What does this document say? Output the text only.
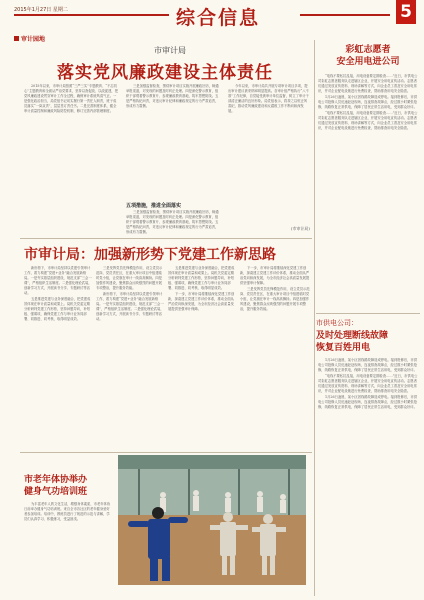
2015年1月27日 星期二	综合信息	5
审计园地
市审计局
落实党风廉政建设主体责任

2015年以来，市审计局按照“三严三实”专题教育、“不忘初心”主题教育和全面从严治党要求，坚持以查促改、以改促建，把党风廉政建设贯穿审计工作全过程，确保审计系统风清气正。一是强化政治担当，局党组书记切实履行第一责任人职责，班子成员落实“一岗双责”，层层签订责任书。二是完善制度体系，健全审计质量控制和廉政风险防控机制，修订完善内部管理制度。

三是加强监督检查，围绕审计项目实施开展廉政回访，畅通举报渠道，对发现的问题及时纠正处理。四是深化警示教育，组织干部观看警示教育片、参观廉政教育基地，筑牢思想防线。五是严格执纪问责，对违反审计纪律和廉政规定的行为严肃追责，形成有力震慑。

五项措施，推进全面落实

三是加强监督检查，围绕审计项目实施开展廉政回访，畅通举报渠道，对发现的问题及时纠正处理。四是深化警示教育，组织干部观看警示教育片、参观廉政教育基地，筑牢思想防线。五是严格执纪问责，对违反审计纪律和廉政规定的行为严肃追责，形成有力震慑。

今年以来，市审计局共开展专项审计项目多项，提出审计建议被采纳率明显提高。各审计组严格执行“八不准”工作纪律，自觉接受被审计单位监督，树立了审计干部清正廉洁的良好形象。局党组表示，将持之以恒正风肃纪，推动党风廉政建设和反腐败工作不断向纵深发展。

(市审计局)
市审计局：加强新形势下党建工作新思路

新形势下，市审计局坚持以党建引领审计工作，着力构建“党建+业务”融合发展新格局。一是夯实基层组织建设，规范支部“三会一课”，严格组织生活制度。二是强化理论武装，创新学习方式，开展读书分享、专题研讨等活动。

五是推进党建与业务深度融合，把党建成效体现在审计质量和成果上。局机关党委定期分析研判党建工作形势，坚持问题导向，补短板、强弱项，确保党建工作与审计业务同部署、同推进、同考核，取得明显成效。

三是发挥党员先锋模范作用，设立党员示范岗、党员责任区，在重大审计项目中组建临时党小组，让党旗在审计一线高高飘扬。四是加强作风建设，聚焦群众反映强烈的问题开展专项整治，提升服务效能。

新形势下，市审计局坚持以党建引领审计工作，着力构建“党建+业务”融合发展新格局。一是夯实基层组织建设，规范支部“三会一课”，严格组织生活制度。二是强化理论武装，创新学习方式，开展读书分享、专题研讨等活动。

五是推进党建与业务深度融合，把党建成效体现在审计质量和成果上。局机关党委定期分析研判党建工作形势，坚持问题导向，补短板、强弱项，确保党建工作与审计业务同部署、同推进、同考核，取得明显成效。

下一步，市审计局将继续深化党建工作创新，探索建立党建工作评价体系，推动全面从严治党向纵深发展，为全市经济社会高质量发展提供坚强审计保障。

下一步，市审计局将继续深化党建工作创新，探索建立党建工作评价体系，推动全面从严治党向纵深发展，为全市经济社会高质量发展提供坚强审计保障。

三是发挥党员先锋模范作用，设立党员示范岗、党员责任区，在重大审计项目中组建临时党小组，让党旗在审计一线高高飘扬。四是加强作风建设，聚焦群众反映强烈的问题开展专项整治，提升服务效能。

市老年体协举办
健身气功培训班

为丰富老年人的文化生活，增强身体素质，市老年体协日前举办健身气功培训班。来自全市各社区的老年健身爱好者参加培训。培训中，教练员进行了规范的示范与讲解，学员们认真学习、积极练习，受益匪浅。

彩虹志愿者
安全用电进公司

“电线不要私拉乱接，用电设备要定期检查……”近日，市供电公司彩虹志愿者服务队走进辖区企业，开展安全用电宣传活动。志愿者们通过发放宣传资料、现场讲解等方式，向企业员工普及安全用电常识，并对企业配电设施进行免费检查，帮助排查用电安全隐患。

1月26日凌晨，某小区因线路故障造成停电。接到报修后，市供电公司抢修人员迅速赶赴现场，连夜排查故障点，经过数小时紧张抢修，线路恢复正常供电，保障了居民正常生活用电，受到群众好评。

“电线不要私拉乱接，用电设备要定期检查……”近日，市供电公司彩虹志愿者服务队走进辖区企业，开展安全用电宣传活动。志愿者们通过发放宣传资料、现场讲解等方式，向企业员工普及安全用电常识，并对企业配电设施进行免费检查，帮助排查用电安全隐患。

市供电公司：
及时处理断线故障
恢复百姓用电

1月26日凌晨，某小区因线路故障造成停电。接到报修后，市供电公司抢修人员迅速赶赴现场，连夜排查故障点，经过数小时紧张抢修，线路恢复正常供电，保障了居民正常生活用电，受到群众好评。

“电线不要私拉乱接，用电设备要定期检查……”近日，市供电公司彩虹志愿者服务队走进辖区企业，开展安全用电宣传活动。志愿者们通过发放宣传资料、现场讲解等方式，向企业员工普及安全用电常识，并对企业配电设施进行免费检查，帮助排查用电安全隐患。

1月26日凌晨，某小区因线路故障造成停电。接到报修后，市供电公司抢修人员迅速赶赴现场，连夜排查故障点，经过数小时紧张抢修，线路恢复正常供电，保障了居民正常生活用电，受到群众好评。
